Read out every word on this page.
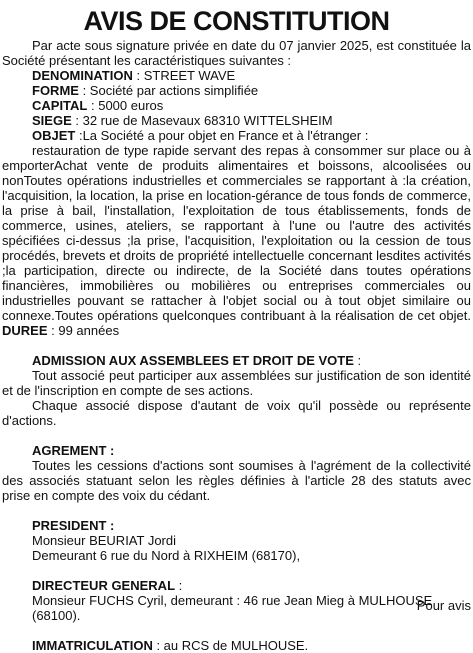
AVIS DE CONSTITUTION

Par acte sous signature privée en date du 07 janvier 2025, est constituée la Société présentant les caractéristiques suivantes :

DENOMINATION : STREET WAVE

FORME : Société par actions simplifiée

CAPITAL : 5000 euros

SIEGE : 32 rue de Masevaux 68310 WITTELSHEIM

OBJET :La Société a pour objet en France et à l'étranger :

restauration de type rapide servant des repas à consommer sur place ou à emporterAchat vente de produits alimentaires et boissons, alcoolisées ou nonToutes opérations industrielles et commerciales se rapportant à :la création, l'acquisition, la location, la prise en location-gérance de tous fonds de commerce, la prise à bail, l'installation, l'exploitation de tous établissements, fonds de commerce, usines, ateliers, se rapportant à l'une ou l'autre des activités spécifiées ci-dessus ;la prise, l'acquisition, l'exploitation ou la cession de tous procédés, brevets et droits de propriété intellectuelle concernant lesdites activités ;la participation, directe ou indirecte, de la Société dans toutes opérations financières, immobilières ou mobilières ou entreprises commerciales ou industrielles pouvant se rattacher à l'objet social ou à tout objet similaire ou connexe.Toutes opérations quelconques contribuant à la réalisation de cet objet. DUREE : 99 années

ADMISSION AUX ASSEMBLEES ET DROIT DE VOTE :

Tout associé peut participer aux assemblées sur justification de son identité et de l'inscription en compte de ses actions.

Chaque associé dispose d'autant de voix qu'il possède ou représente d'actions.

AGREMENT :

Toutes les cessions d'actions sont soumises à l'agrément de la collectivité des associés statuant selon les règles définies à l'article 28 des statuts avec prise en compte des voix du cédant.

PRESIDENT :

Monsieur BEURIAT Jordi

Demeurant 6 rue du Nord à RIXHEIM (68170),

DIRECTEUR GENERAL :

Monsieur FUCHS Cyril, demeurant : 46 rue Jean Mieg à MULHOUSE (68100).

IMMATRICULATION : au RCS de MULHOUSE.

Pour avis
